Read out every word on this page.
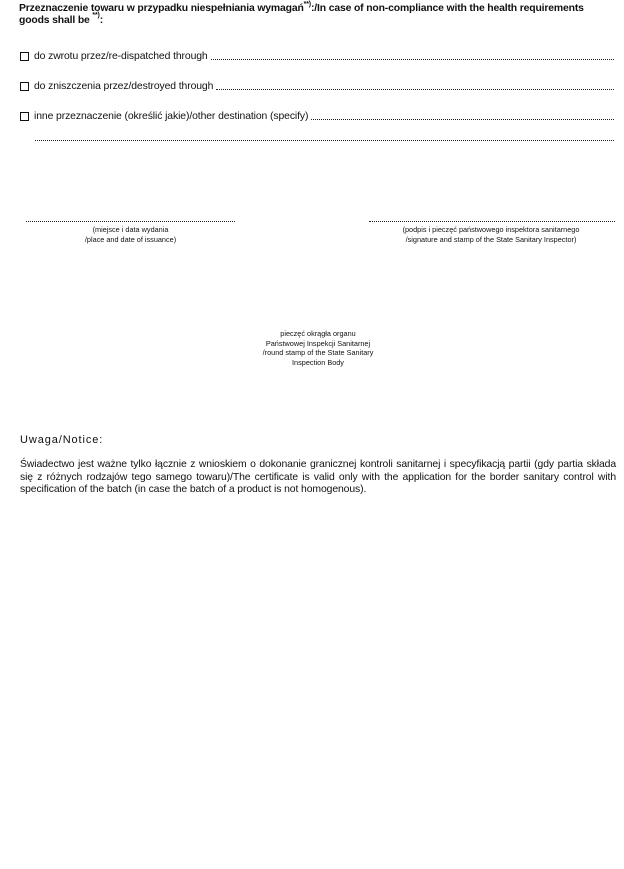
Przeznaczenie towaru w przypadku niespełniania wymagań**):/In case of non-compliance with the health requirements goods shall be **):
do zwrotu przez/re-dispatched through
do zniszczenia przez/destroyed through
inne przeznaczenie (określić jakie)/other destination (specify)
(miejsce i data wydania
/place and date of issuance)
(podpis i pieczęć państwowego inspektora sanitarnego
/signature and stamp of the State Sanitary Inspector)
pieczęć okrągła organu
Państwowej Inspekcji Sanitarnej
/round stamp of the State Sanitary
Inspection Body
Uwaga/Notice:
Świadectwo jest ważne tylko łącznie z wnioskiem o dokonanie granicznej kontroli sanitarnej i specyfikacją partii (gdy partia składa się z różnych rodzajów tego samego towaru)/The certificate is valid only with the application for the border sanitary control with specification of the batch (in case the batch of a product is not homogenous).
